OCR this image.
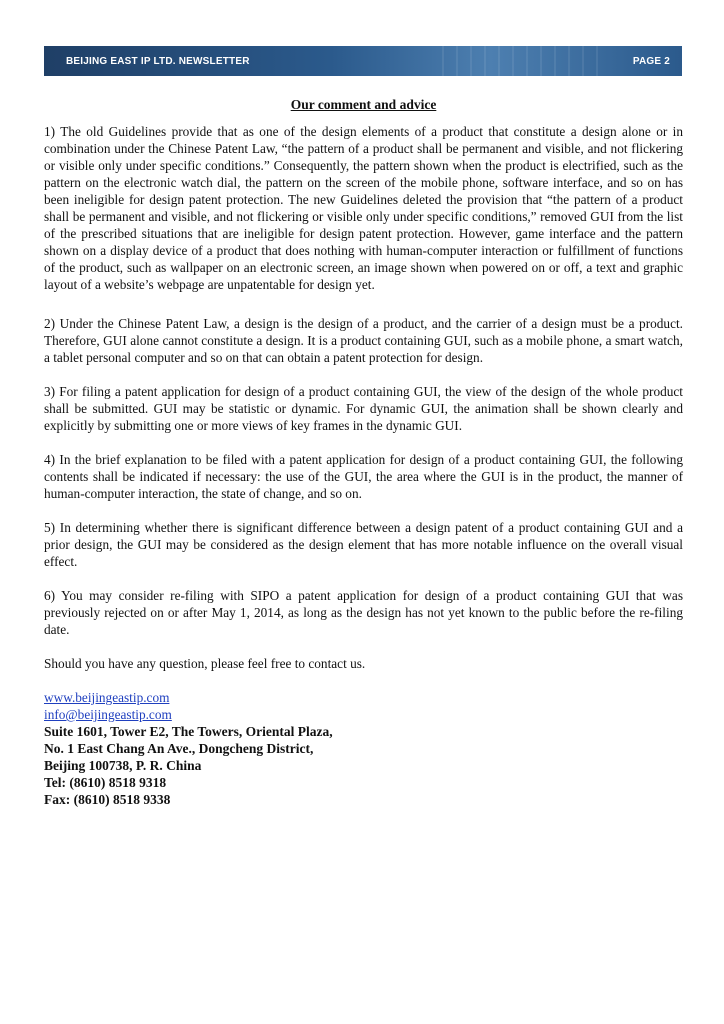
BEIJING EAST IP LTD. NEWSLETTER	PAGE 2
Our comment and advice

1) The old Guidelines provide that as one of the design elements of a product that constitute a design alone or in combination under the Chinese Patent Law, “the pattern of a product shall be permanent and visible, and not flickering or visible only under specific conditions.” Consequently, the pattern shown when the product is electrified, such as the pattern on the electronic watch dial, the pattern on the screen of the mobile phone, software interface, and so on has been ineligible for design patent protection. The new Guidelines deleted the provision that “the pattern of a product shall be permanent and visible, and not flickering or visible only under specific conditions,” removed GUI from the list of the prescribed situations that are ineligible for design patent protection. However, game interface and the pattern shown on a display device of a product that does nothing with human-computer interaction or fulfillment of functions of the product, such as wallpaper on an electronic screen, an image shown when powered on or off, a text and graphic layout of a website’s webpage are unpatentable for design yet.

2) Under the Chinese Patent Law, a design is the design of a product, and the carrier of a design must be a product. Therefore, GUI alone cannot constitute a design. It is a product containing GUI, such as a mobile phone, a smart watch, a tablet personal computer and so on that can obtain a patent protection for design.

3) For filing a patent application for design of a product containing GUI, the view of the design of the whole product shall be submitted. GUI may be statistic or dynamic. For dynamic GUI, the animation shall be shown clearly and explicitly by submitting one or more views of key frames in the dynamic GUI.

4) In the brief explanation to be filed with a patent application for design of a product containing GUI, the following contents shall be indicated if necessary: the use of the GUI, the area where the GUI is in the product, the manner of human-computer interaction, the state of change, and so on.

5) In determining whether there is significant difference between a design patent of a product containing GUI and a prior design, the GUI may be considered as the design element that has more notable influence on the overall visual effect.

6) You may consider re-filing with SIPO a patent application for design of a product containing GUI that was previously rejected on or after May 1, 2014, as long as the design has not yet known to the public before the re-filing date.

Should you have any question, please feel free to contact us.

www.beijingeastip.com
info@beijingeastip.com
Suite 1601, Tower E2, The Towers, Oriental Plaza,
No. 1 East Chang An Ave., Dongcheng District,
Beijing 100738, P. R. China
Tel: (8610) 8518 9318
Fax: (8610) 8518 9338
